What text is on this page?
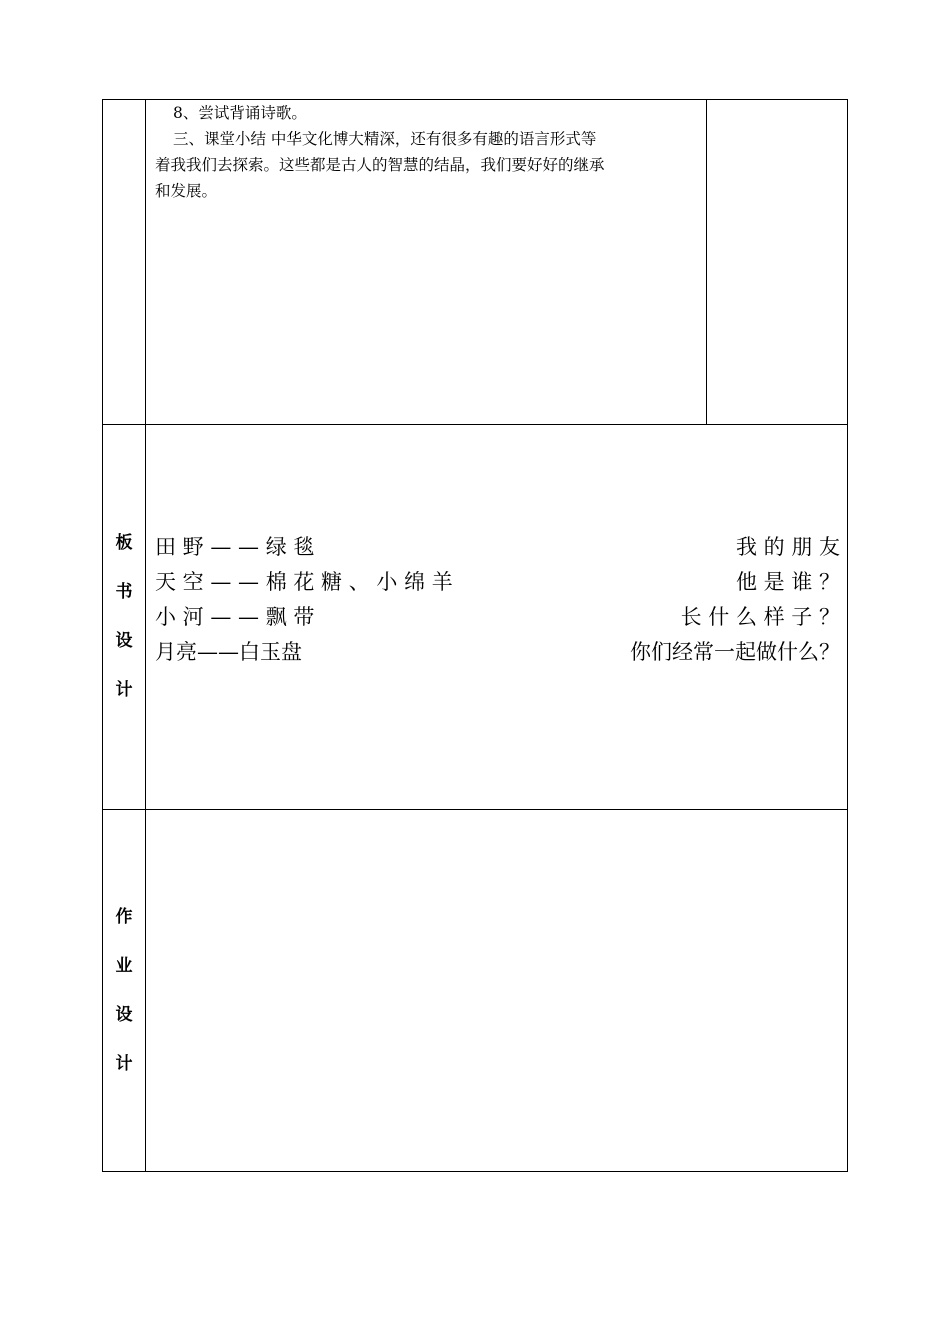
8、尝试背诵诗歌。
三、课堂小结 中华文化博大精深，还有很多有趣的语言形式等
着我我们去探索。这些都是古人的智慧的结晶，我们要好好的继承
和发展。
板
书
设
计
田 野 — — 绿 毯	我 的 朋 友
天 空 — — 棉 花 糖 、 小 绵 羊	他 是 谁 ？
小 河 — — 飘 带	长 什 么 样 子 ？
月亮——白玉盘	你们经常一起做什么？
作
业
设
计
